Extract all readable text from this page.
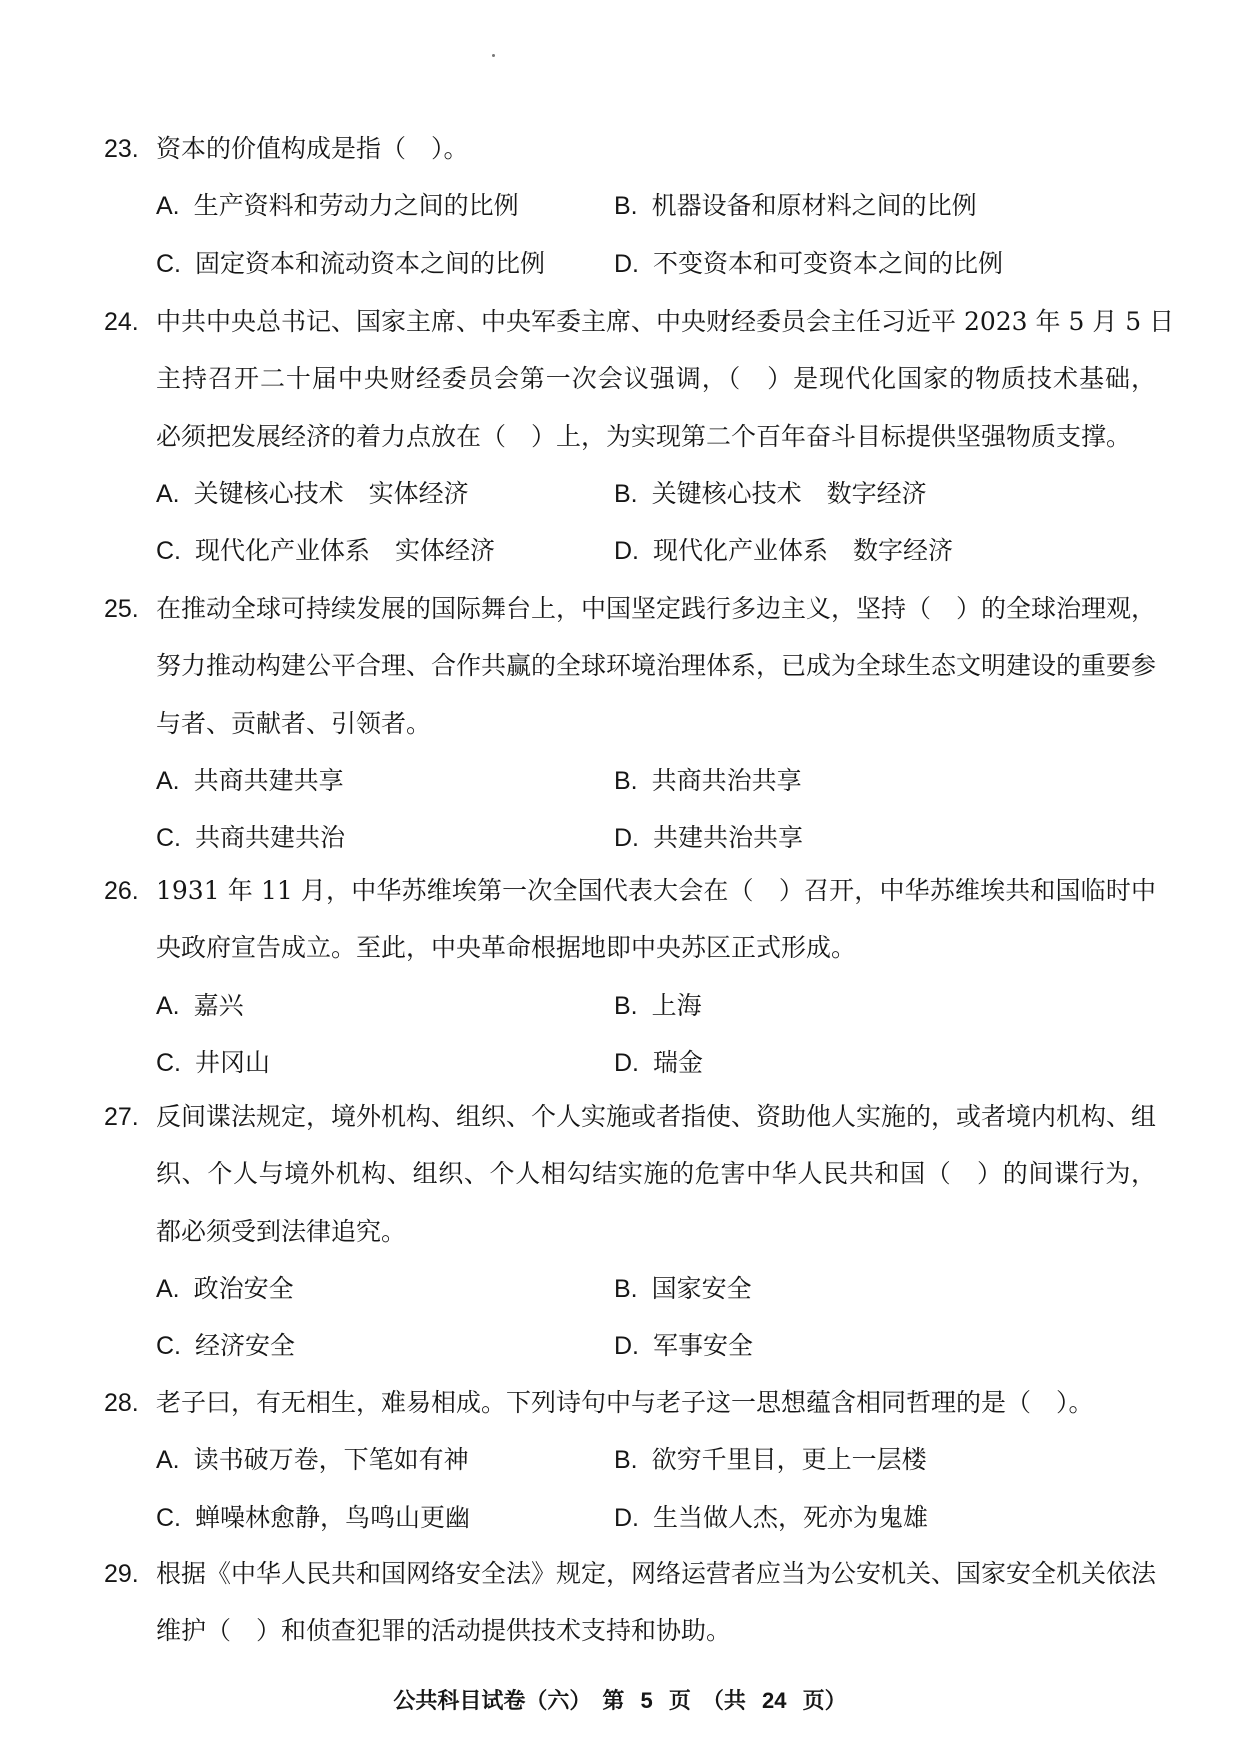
23. 资本的价值构成是指（　）。
A. 生产资料和劳动力之间的比例	B. 机器设备和原材料之间的比例
C. 固定资本和流动资本之间的比例	D. 不变资本和可变资本之间的比例
24. 中共中央总书记、国家主席、中央军委主席、中央财经委员会主任习近平 2023 年 5 月 5 日
主持召开二十届中央财经委员会第一次会议强调，（　）是现代化国家的物质技术基础，
必须把发展经济的着力点放在（　）上，为实现第二个百年奋斗目标提供坚强物质支撑。
A. 关键核心技术　实体经济	B. 关键核心技术　数字经济
C. 现代化产业体系　实体经济	D. 现代化产业体系　数字经济
25. 在推动全球可持续发展的国际舞台上，中国坚定践行多边主义，坚持（　）的全球治理观，
努力推动构建公平合理、合作共赢的全球环境治理体系，已成为全球生态文明建设的重要参
与者、贡献者、引领者。
A. 共商共建共享	B. 共商共治共享
C. 共商共建共治	D. 共建共治共享
26. 1931 年 11 月，中华苏维埃第一次全国代表大会在（　）召开，中华苏维埃共和国临时中
央政府宣告成立。至此，中央革命根据地即中央苏区正式形成。
A. 嘉兴	B. 上海
C. 井冈山	D. 瑞金
27. 反间谍法规定，境外机构、组织、个人实施或者指使、资助他人实施的，或者境内机构、组
织、个人与境外机构、组织、个人相勾结实施的危害中华人民共和国（　）的间谍行为，
都必须受到法律追究。
A. 政治安全	B. 国家安全
C. 经济安全	D. 军事安全
28. 老子曰，有无相生，难易相成。下列诗句中与老子这一思想蕴含相同哲理的是（　）。
A. 读书破万卷，下笔如有神	B. 欲穷千里目，更上一层楼
C. 蝉噪林愈静，鸟鸣山更幽	D. 生当做人杰，死亦为鬼雄
29. 根据《中华人民共和国网络安全法》规定，网络运营者应当为公安机关、国家安全机关依法
维护（　）和侦查犯罪的活动提供技术支持和协助。
公共科目试卷（六）　第 5 页　（共 24 页）
